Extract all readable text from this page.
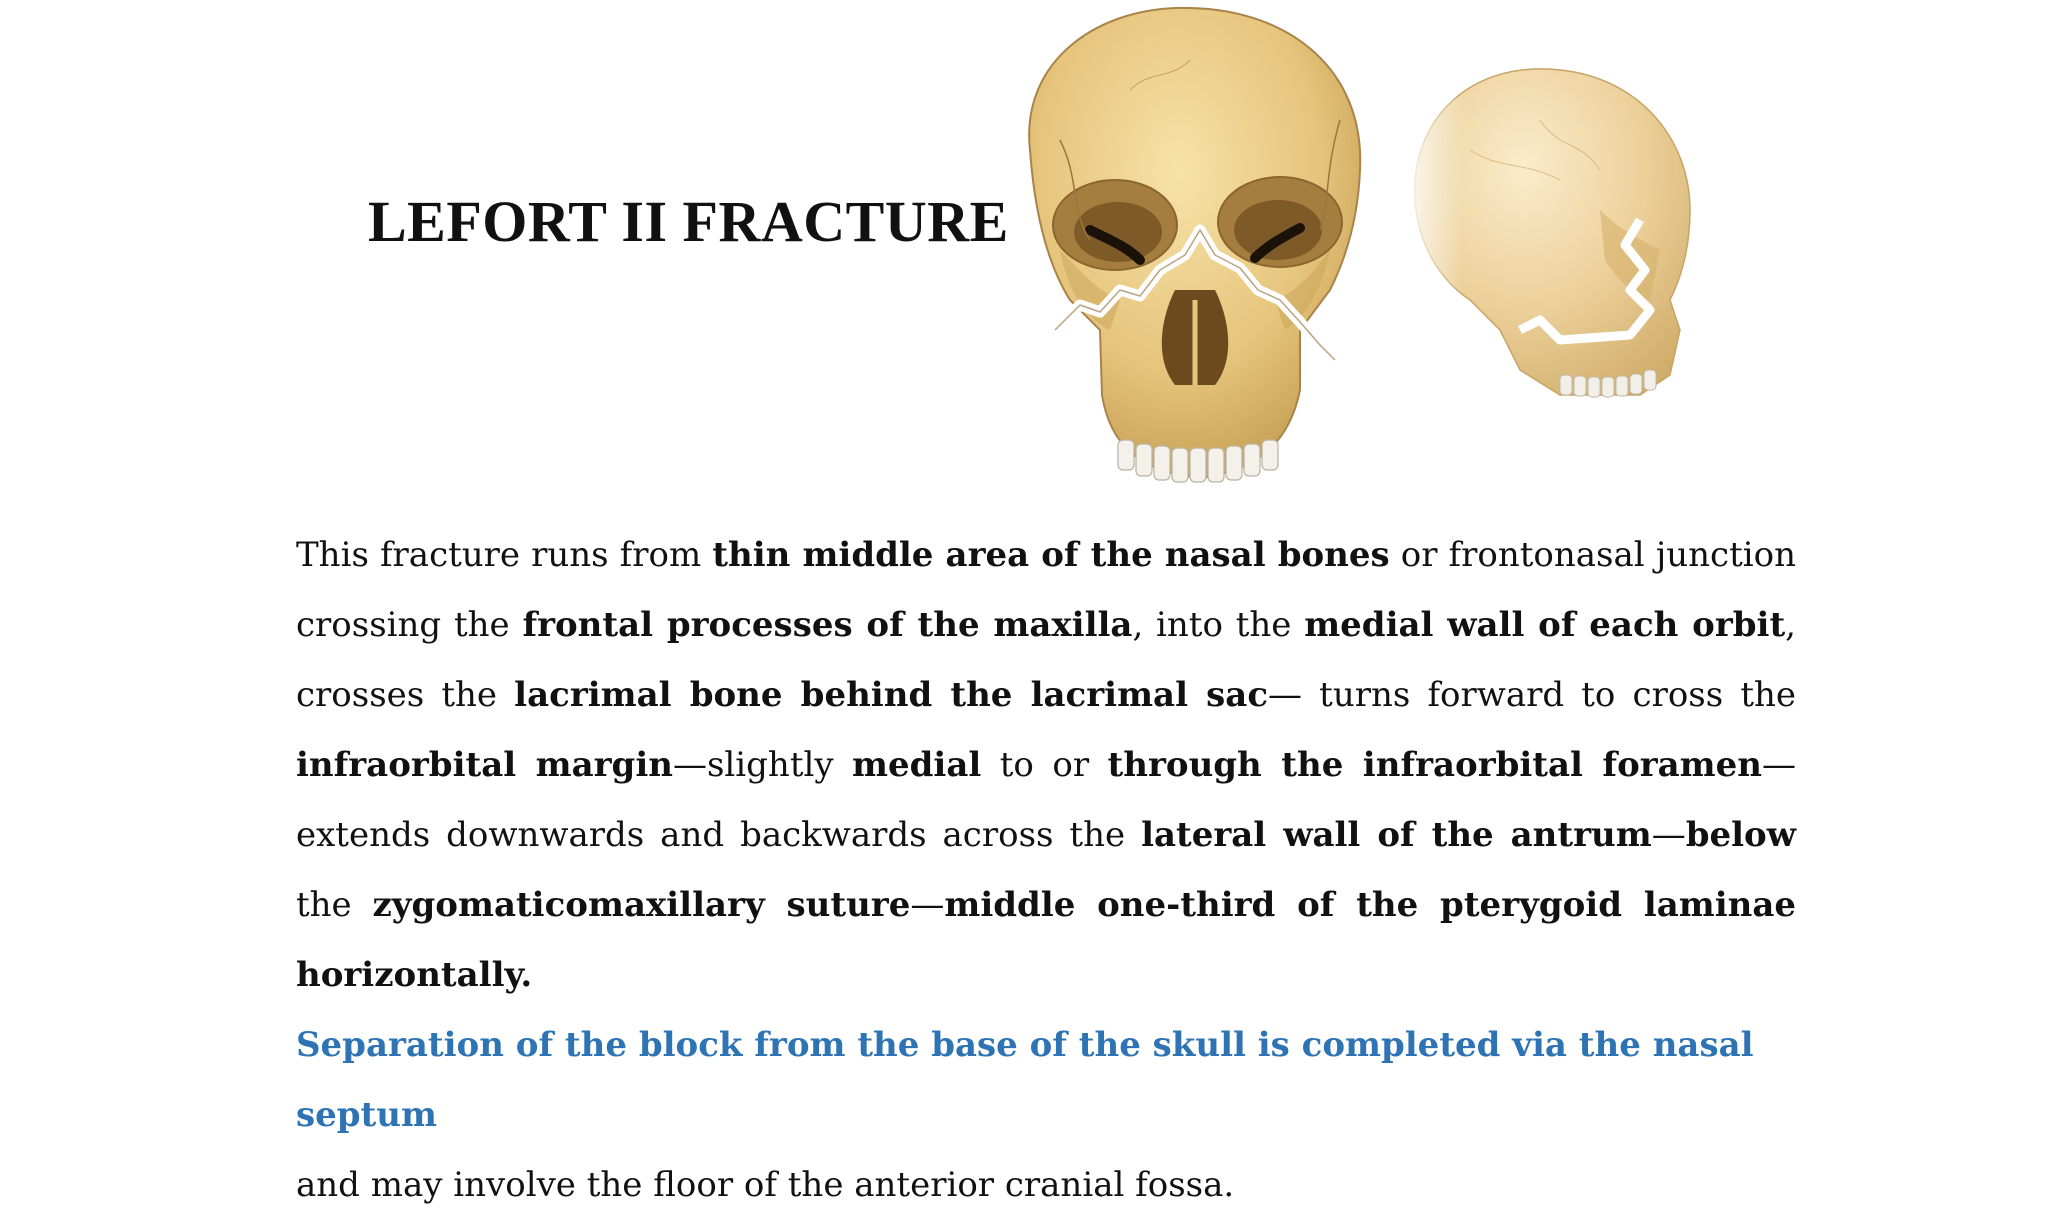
LEFORT II FRACTURE
This fracture runs from thin middle area of the nasal bones or frontonasal junction crossing the frontal processes of the maxilla, into the medial wall of each orbit, crosses the lacrimal bone behind the lacrimal sac— turns forward to cross the infraorbital margin—slightly medial to or through the infraorbital foramen—extends downwards and backwards across the lateral wall of the antrum—below the zygomaticomaxillary suture—middle one-third of the pterygoid laminae horizontally.
Separation of the block from the base of the skull is completed via the nasal septum
and may involve the floor of the anterior cranial fossa.
